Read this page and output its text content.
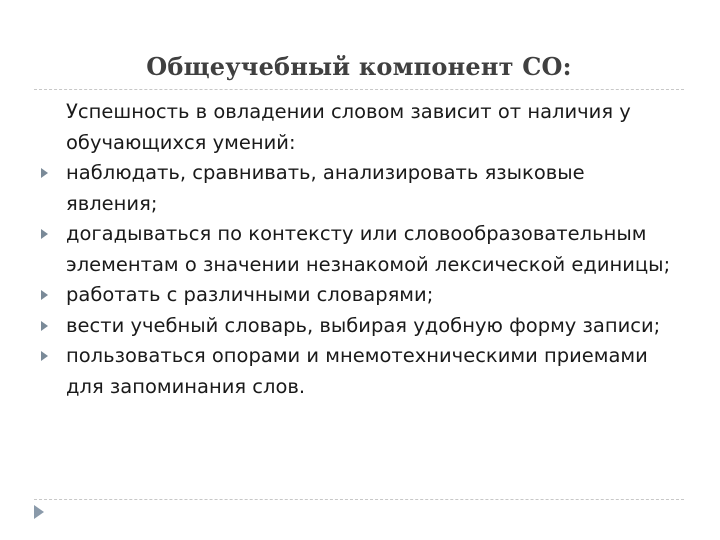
Общеучебный компонент СО:
Успешность в овладении словом зависит от наличия у обучающихся умений:
наблюдать, сравнивать, анализировать языковые явления;
догадываться по контексту или словообразовательным элементам о значении незнакомой лексической единицы;
работать с различными словарями;
вести учебный словарь, выбирая удобную форму записи;
пользоваться опорами и мнемотехническими приемами для запоминания слов.
